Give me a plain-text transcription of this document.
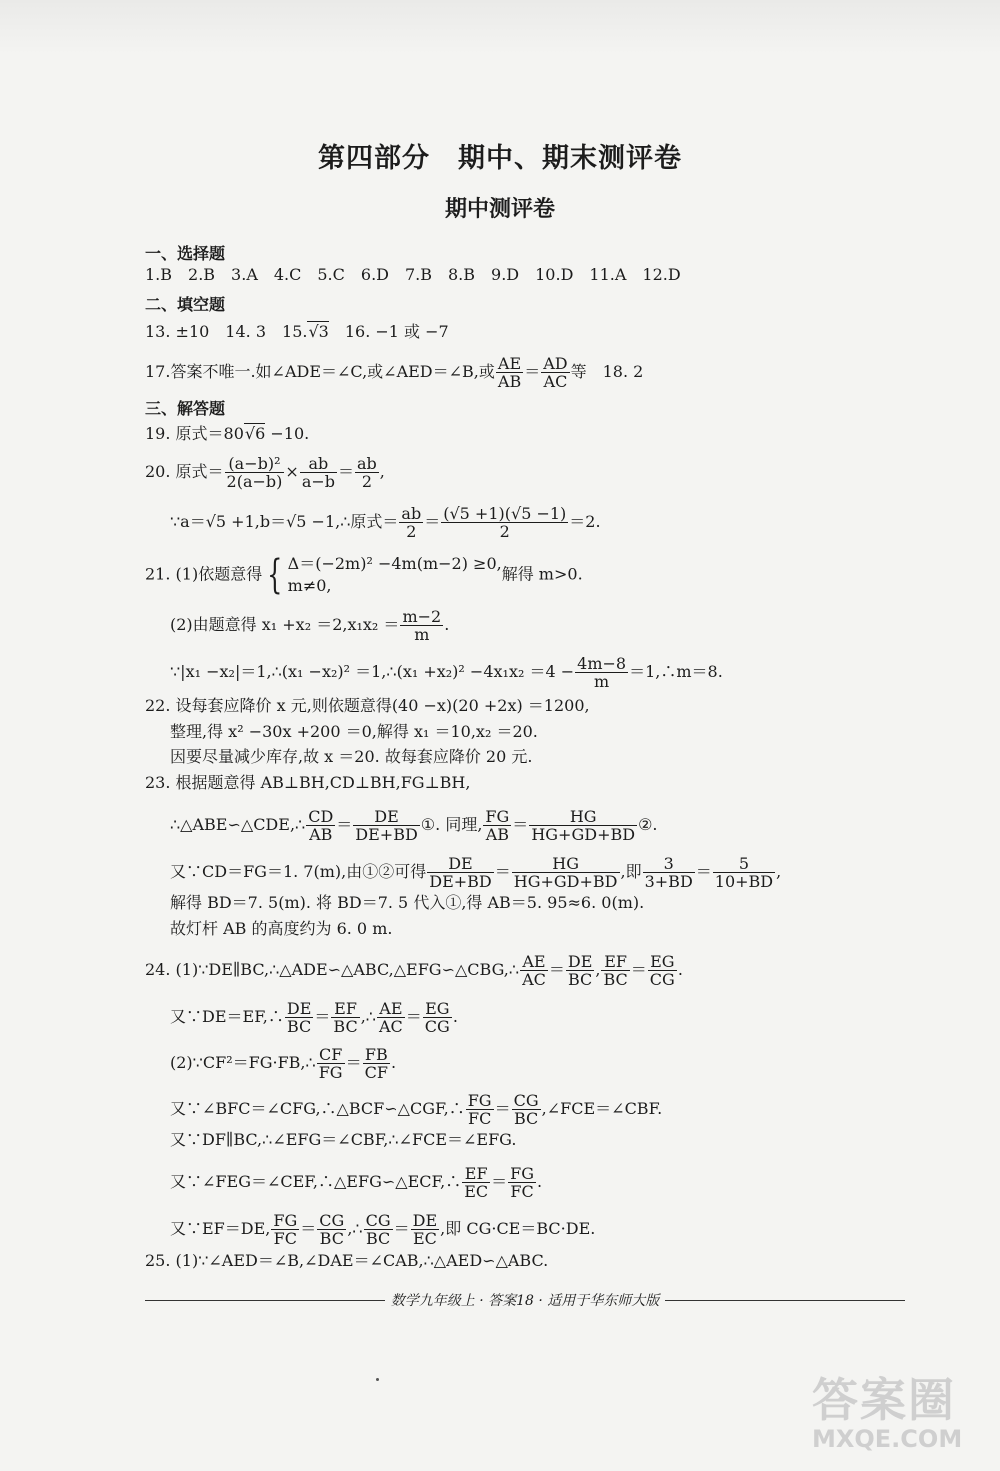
第四部分　期中、期末测评卷
期中测评卷
一、选择题
1.B　2.B　3.A　4.C　5.C　6.D　7.B　8.B　9.D　10.D　11.A　12.D
二、填空题
13. ±10　14. 3　15.√3　16. −1 或 −7
17.答案不唯一.如∠ADE＝∠C,或∠AED＝∠B,或 $\frac{AE}{AB} = \frac{AD}{AC}$ 等　18. 2
三、解答题
19. 原式＝80√6 −10.
20. 原式＝ $\frac{\text{(a−b)²}}{2(a-b)} \times \frac{ab}{a-b} = \frac{ab}{2}$ ,
∵a＝√5 +1,b＝√5 −1,∴原式＝ $\frac{ab}{2} = \frac{(√5 +1)(√5 -1)}{2} =2$.
21. (1)依题意得 { Δ＝(−2m)² −4m(m−2) ≥0,
m≠0,
解得 m>0.
(2)由题意得 $x_1 +x_2 =2,x_1x_2 = \frac{m-2}{m}$ .
∵|x₁ −x₂|＝1,∴(x₁ −x₂)² ＝1,∴(x₁ $+x_2)^2 -4x_1x_2 =4 - \frac{4m-8}{m}$ ＝1,∴m＝8.
22. 设每套应降价 x 元,则依题意得(40 −x)(20 +2x) ＝1200,
整理,得 x² −30x +200 ＝0,解得 x₁ ＝10,x₂ ＝20.
因要尽量减少库存,故 x ＝20. 故每套应降价 20 元.
23. 根据题意得 AB⊥BH,CD⊥BH,FG⊥BH,
∴△ABE∽△CDE,∴ $\frac{CD}{AB} = \frac{DE}{DE+BD}$ ①. 同理, $\frac{FG}{AB} = \frac{HG}{HG+GD+BD}$ ②.
又∵CD＝FG＝1. 7(m),由①②可得 $\frac{DE}{DE+BD} = \frac{HG}{HG+GD+BD}$ ,即 $\frac{3}{3+BD} = \frac{5}{10+BD}$ ,
解得 BD＝7. 5(m). 将 BD＝7. 5 代入①,得 AB＝5. 95≈6. 0(m).
故灯杆 AB 的高度约为 6. 0 m.
24. (1)∵DE∥BC,∴△ADE∽△ABC,△EFG∽△CBG,∴ $\frac{AE}{AC} = \frac{DE}{BC}$ , $\frac{EF}{BC} = \frac{EG}{CG}$ .
又∵DE＝EF,∴ $\frac{DE}{BC} = \frac{EF}{BC}$ ,∴ $\frac{AE}{AC} = \frac{EG}{CG}$ .
(2)∵CF²＝FG·FB,∴ $\frac{CF}{FG} = \frac{FB}{CF}$ .
又∵∠BFC＝∠CFG,∴△BCF∽△CGF,∴ $\frac{FG}{FC} = \frac{CG}{BC}$ ,∠FCE＝∠CBF.
又∵DF∥BC,∴∠EFG＝∠CBF,∴∠FCE＝∠EFG.
又∵∠FEG＝∠CEF,∴△EFG∽△ECF,∴ $\frac{EF}{EC} = \frac{FG}{FC}$ .
又∵EF＝DE, $\frac{FG}{FC} = \frac{CG}{BC}$ ,∴ $\frac{CG}{BC} = \frac{DE}{EC}$ ,即 CG·CE＝BC·DE.
25. (1)∵∠AED＝∠B,∠DAE＝∠CAB,∴△AED∽△ABC.
数学九年级上 · 答案18 · 适用于华东师大版
答案圈
MXQE.COM
